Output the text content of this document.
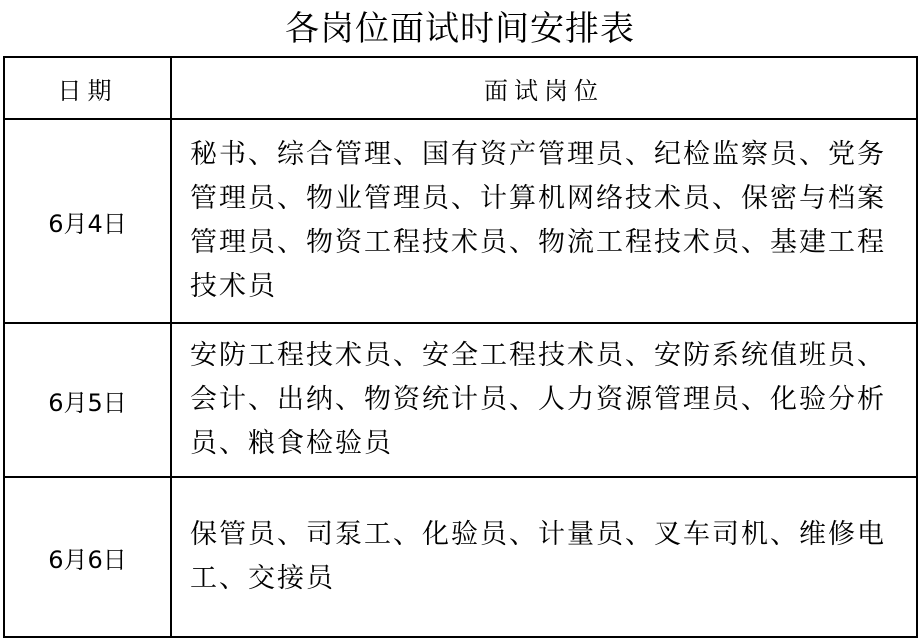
各岗位面试时间安排表
日期	面试岗位
6月4日	秘书、综合管理、国有资产管理员、纪检监察员、党务管理员、物业管理员、计算机网络技术员、保密与档案管理员、物资工程技术员、物流工程技术员、基建工程技术员
6月5日	安防工程技术员、安全工程技术员、安防系统值班员、会计、出纳、物资统计员、人力资源管理员、化验分析员、粮食检验员
6月6日	保管员、司泵工、化验员、计量员、叉车司机、维修电工、交接员
